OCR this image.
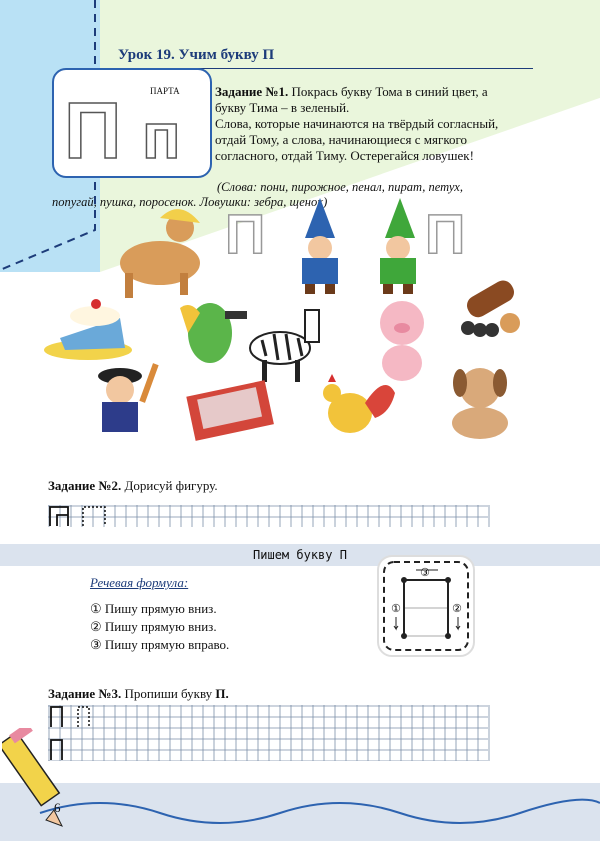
Урок 19. Учим букву П
ПАРТА
П п
Задание №1. Покрась букву Тома в синий цвет, а
букву Тима – в зеленый.
Слова, которые начинаются на твёрдый согласный,
отдай Тому, а слова, начинающиеся с мягкого
согласного, отдай Тиму. Остерегайся ловушек!
(Слова: пони, пирожное, пенал, пират, петух,
попугай, пушка, поросенок. Ловушки: зебра, щенок)
П	П
Задание №2. Дорисуй фигуру.
Пишем букву П
Речевая формула:
① Пишу прямую вниз.
② Пишу прямую вниз.
③ Пишу прямую вправо.
③
①	②
Задание №3. Пропиши букву П.
6
